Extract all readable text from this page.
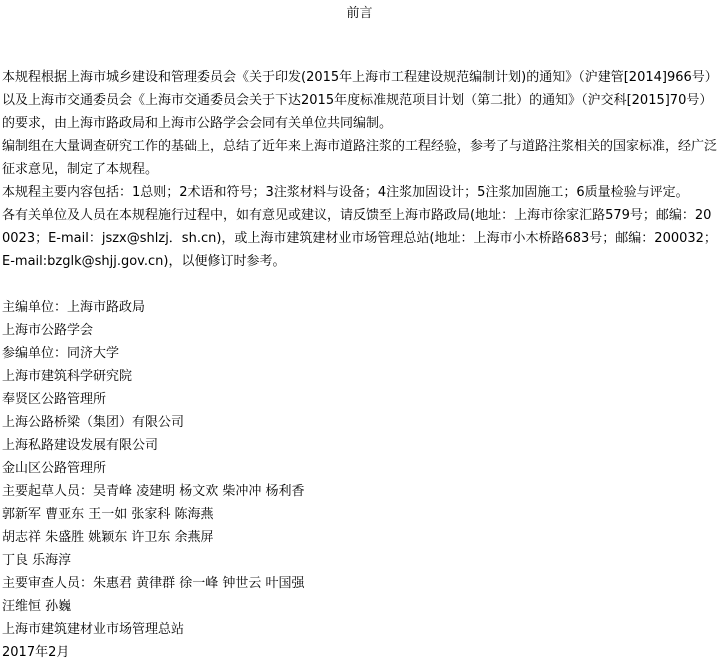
前言

本规程根据上海市城乡建设和管理委员会《关于印发(2015年上海市工程建设规范编制计划)的通知》（沪建管[2014]966号）以及上海市交通委员会《上海市交通委员会关于下达2015年度标准规范项目计划（第二批）的通知》（沪交科[2015]70号）的要求，由上海市路政局和上海市公路学会会同有关单位共同编制。

编制组在大量调查研究工作的基础上，总结了近年来上海市道路注浆的工程经验，参考了与道路注浆相关的国家标准，经广泛征求意见，制定了本规程。

本规程主要内容包括：1总则；2术语和符号；3注浆材料与设备；4注浆加固设计；5注浆加固施工；6质量检验与评定。

各有关单位及人员在本规程施行过程中，如有意见或建议，请反馈至上海市路政局(地址：上海市徐家汇路579号；邮编：200023；E-mail：jszx@shlzj．sh.cn)，或上海市建筑建材业市场管理总站(地址：上海市小木桥路683号；邮编：200032；E-mail:bzglk@shjj.gov.cn)，以便修订时参考。

主编单位：上海市路政局

上海市公路学会

参编单位：同济大学

上海市建筑科学研究院

奉贤区公路管理所

上海公路桥梁（集团）有限公司

上海私路建设发展有限公司

金山区公路管理所

主要起草人员：吴青峰 凌建明 杨文欢 柴冲冲 杨利香

郭新军 曹亚东 王一如 张家科 陈海燕

胡志祥 朱盛胜 姚颖东 许卫东 余燕屏

丁良 乐海淳

主要审查人员：朱惠君 黄律群 徐一峰 钟世云 叶国强

汪维恒 孙巍

上海市建筑建材业市场管理总站

2017年2月
